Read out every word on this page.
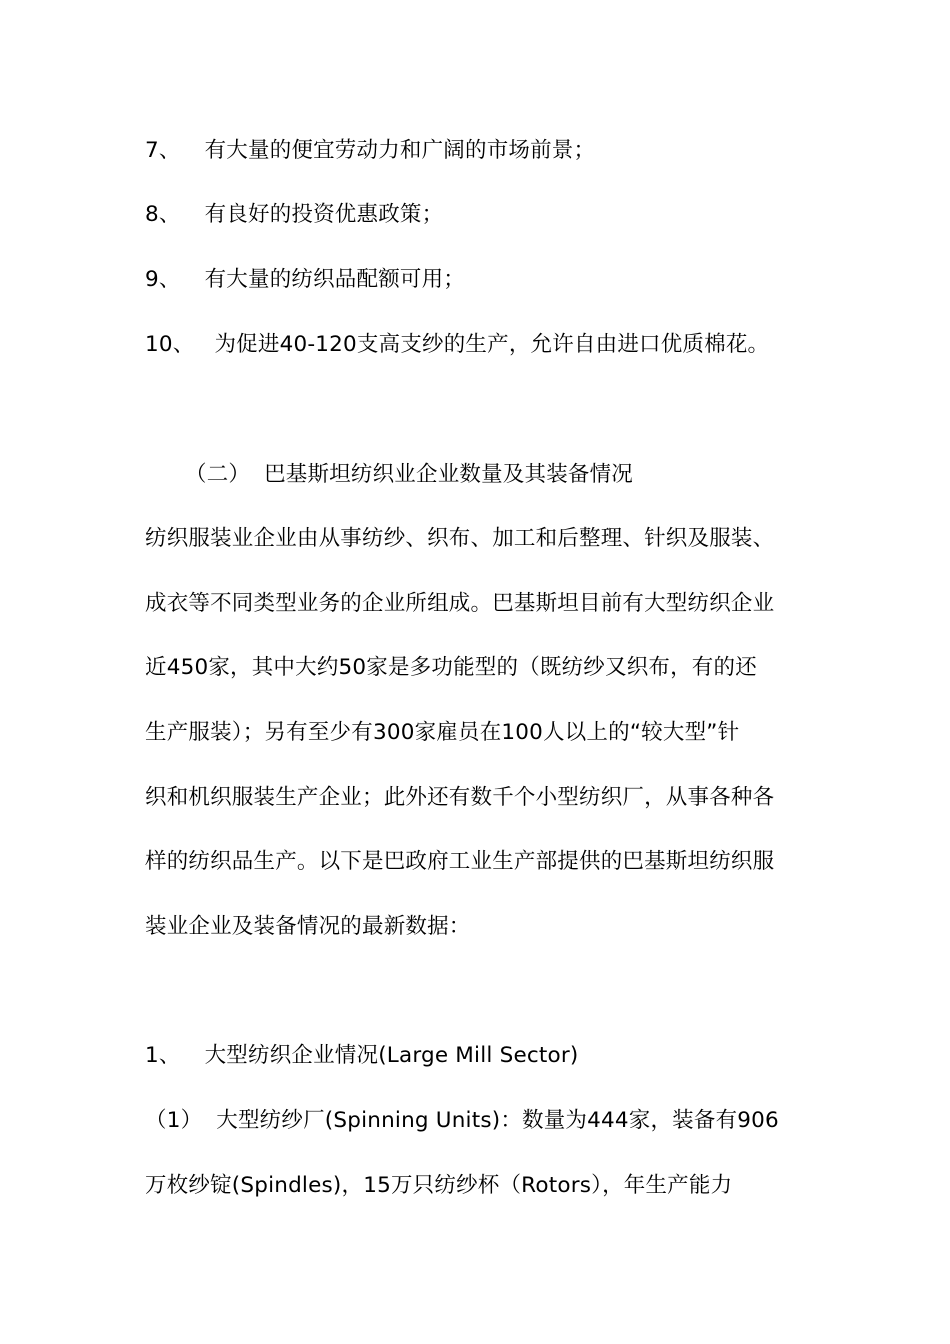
7、 有大量的便宜劳动力和广阔的市场前景；
8、 有良好的投资优惠政策；
9、 有大量的纺织品配额可用；
10、 为促进40-120支高支纱的生产，允许自由进口优质棉花。
（二） 巴基斯坦纺织业企业数量及其装备情况
纺织服装业企业由从事纺纱、织布、加工和后整理、针织及服装、
成衣等不同类型业务的企业所组成。巴基斯坦目前有大型纺织企业
近450家，其中大约50家是多功能型的（既纺纱又织布，有的还
生产服装）；另有至少有300家雇员在100人以上的“较大型”针
织和机织服装生产企业；此外还有数千个小型纺织厂，从事各种各
样的纺织品生产。以下是巴政府工业生产部提供的巴基斯坦纺织服
装业企业及装备情况的最新数据：
1、 大型纺织企业情况(Large Mill Sector)
（1） 大型纺纱厂(Spinning Units)：数量为444家，装备有906
万枚纱锭(Spindles)，15万只纺纱杯（Rotors），年生产能力
